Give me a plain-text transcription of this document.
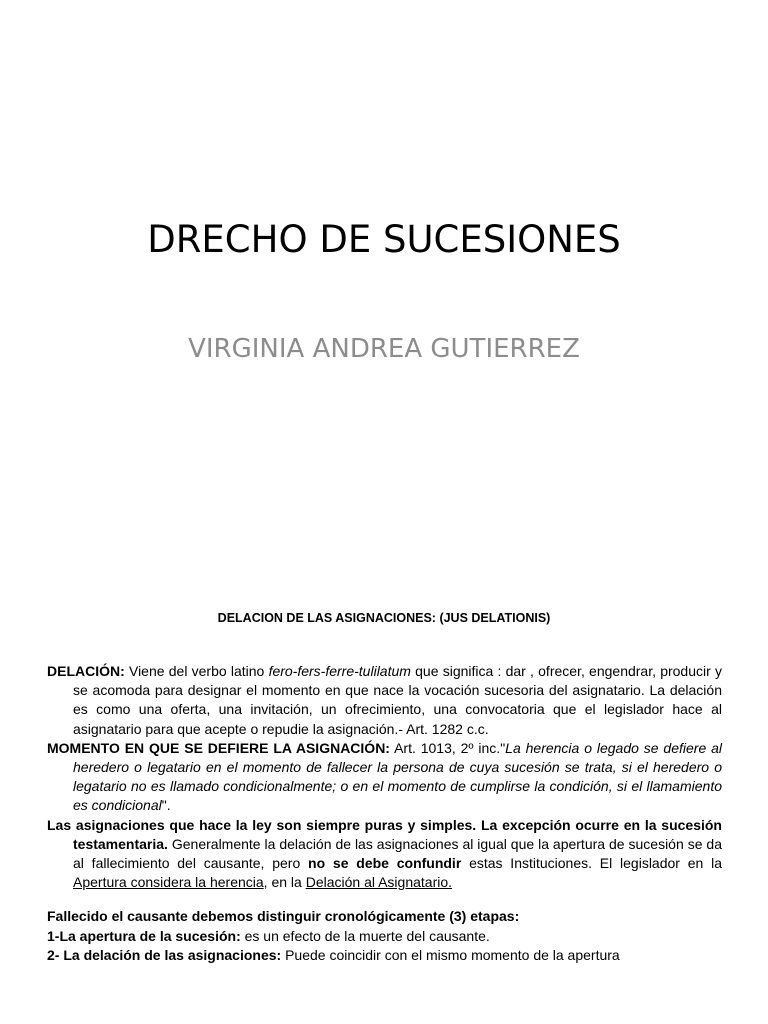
DRECHO DE SUCESIONES
VIRGINIA ANDREA GUTIERREZ
DELACION DE LAS ASIGNACIONES: (JUS DELATIONIS)

DELACIÓN: Viene del verbo latino fero-fers-ferre-tulilatum que significa : dar , ofrecer, engendrar, producir y se acomoda para designar el momento en que nace la vocación sucesoria del asignatario. La delación es como una oferta, una invitación, un ofrecimiento, una convocatoria que el legislador hace al asignatario para que acepte o repudie la asignación.- Art. 1282 c.c.

MOMENTO EN QUE SE DEFIERE LA ASIGNACIÓN: Art. 1013, 2º inc."La herencia o legado se defiere al heredero o legatario en el momento de fallecer la persona de cuya sucesión se trata, si el heredero o legatario no es llamado condicionalmente; o en el momento de cumplirse la condición, si el llamamiento es condicional".

Las asignaciones que hace la ley son siempre puras y simples. La excepción ocurre en la sucesión testamentaria. Generalmente la delación de las asignaciones al igual que la apertura de sucesión se da al fallecimiento del causante, pero no se debe confundir estas Instituciones. El legislador en la Apertura considera la herencia, en la Delación al Asignatario.

Fallecido el causante debemos distinguir cronológicamente (3) etapas:

1-La apertura de la sucesión: es un efecto de la muerte del causante.

2- La delación de las asignaciones: Puede coincidir con el mismo momento de la apertura
